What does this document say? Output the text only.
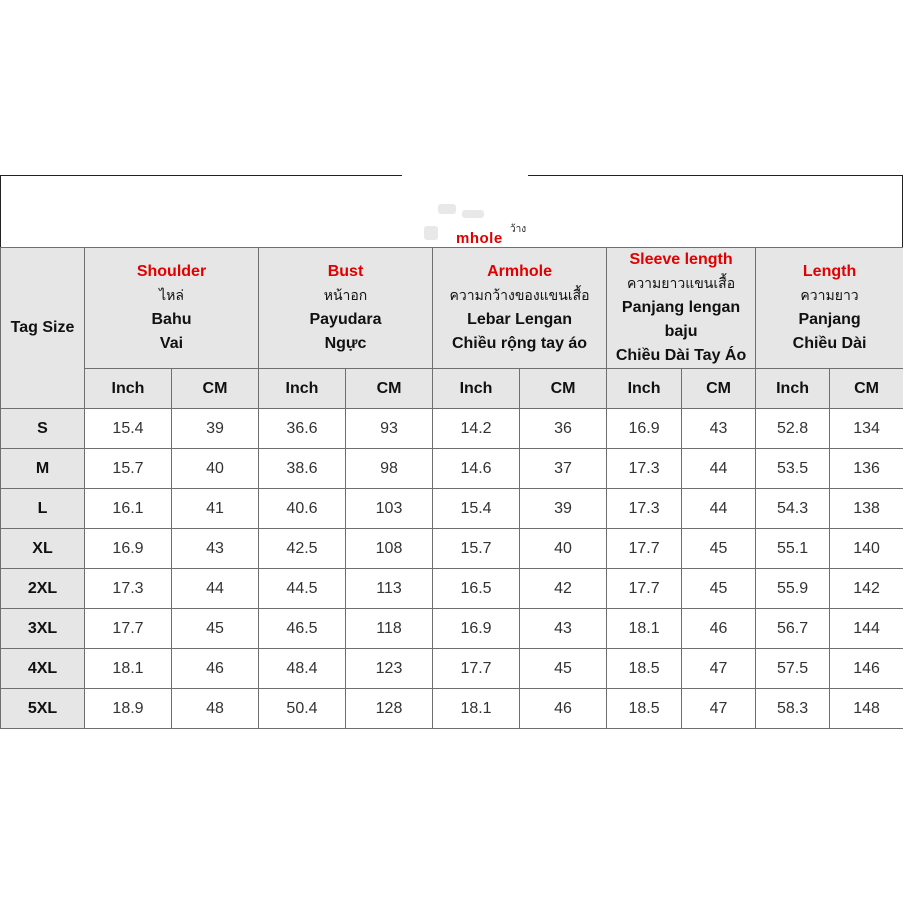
mhole
ว้าง
Tag Size	Shoulder
ไหล่
Bahu
Vai		Bust
หน้าอก
Payudara
Ngực		Armhole
ความกว้างของแขนเสื้อ
Lebar Lengan
Chiều rộng tay áo		Sleeve length
ความยาวแขนเสื้อ
Panjang lengan
baju
Chiều Dài Tay Áo		Length
ความยาว
Panjang
Chiều Dài	

	Inch	CM	Inch	CM	Inch	CM	Inch	CM	Inch	CM
S	15.4	39	36.6	93	14.2	36	16.9	43	52.8	134
M	15.7	40	38.6	98	14.6	37	17.3	44	53.5	136
L	16.1	41	40.6	103	15.4	39	17.3	44	54.3	138
XL	16.9	43	42.5	108	15.7	40	17.7	45	55.1	140
2XL	17.3	44	44.5	113	16.5	42	17.7	45	55.9	142
3XL	17.7	45	46.5	118	16.9	43	18.1	46	56.7	144
4XL	18.1	46	48.4	123	17.7	45	18.5	47	57.5	146
5XL	18.9	48	50.4	128	18.1	46	18.5	47	58.3	148
